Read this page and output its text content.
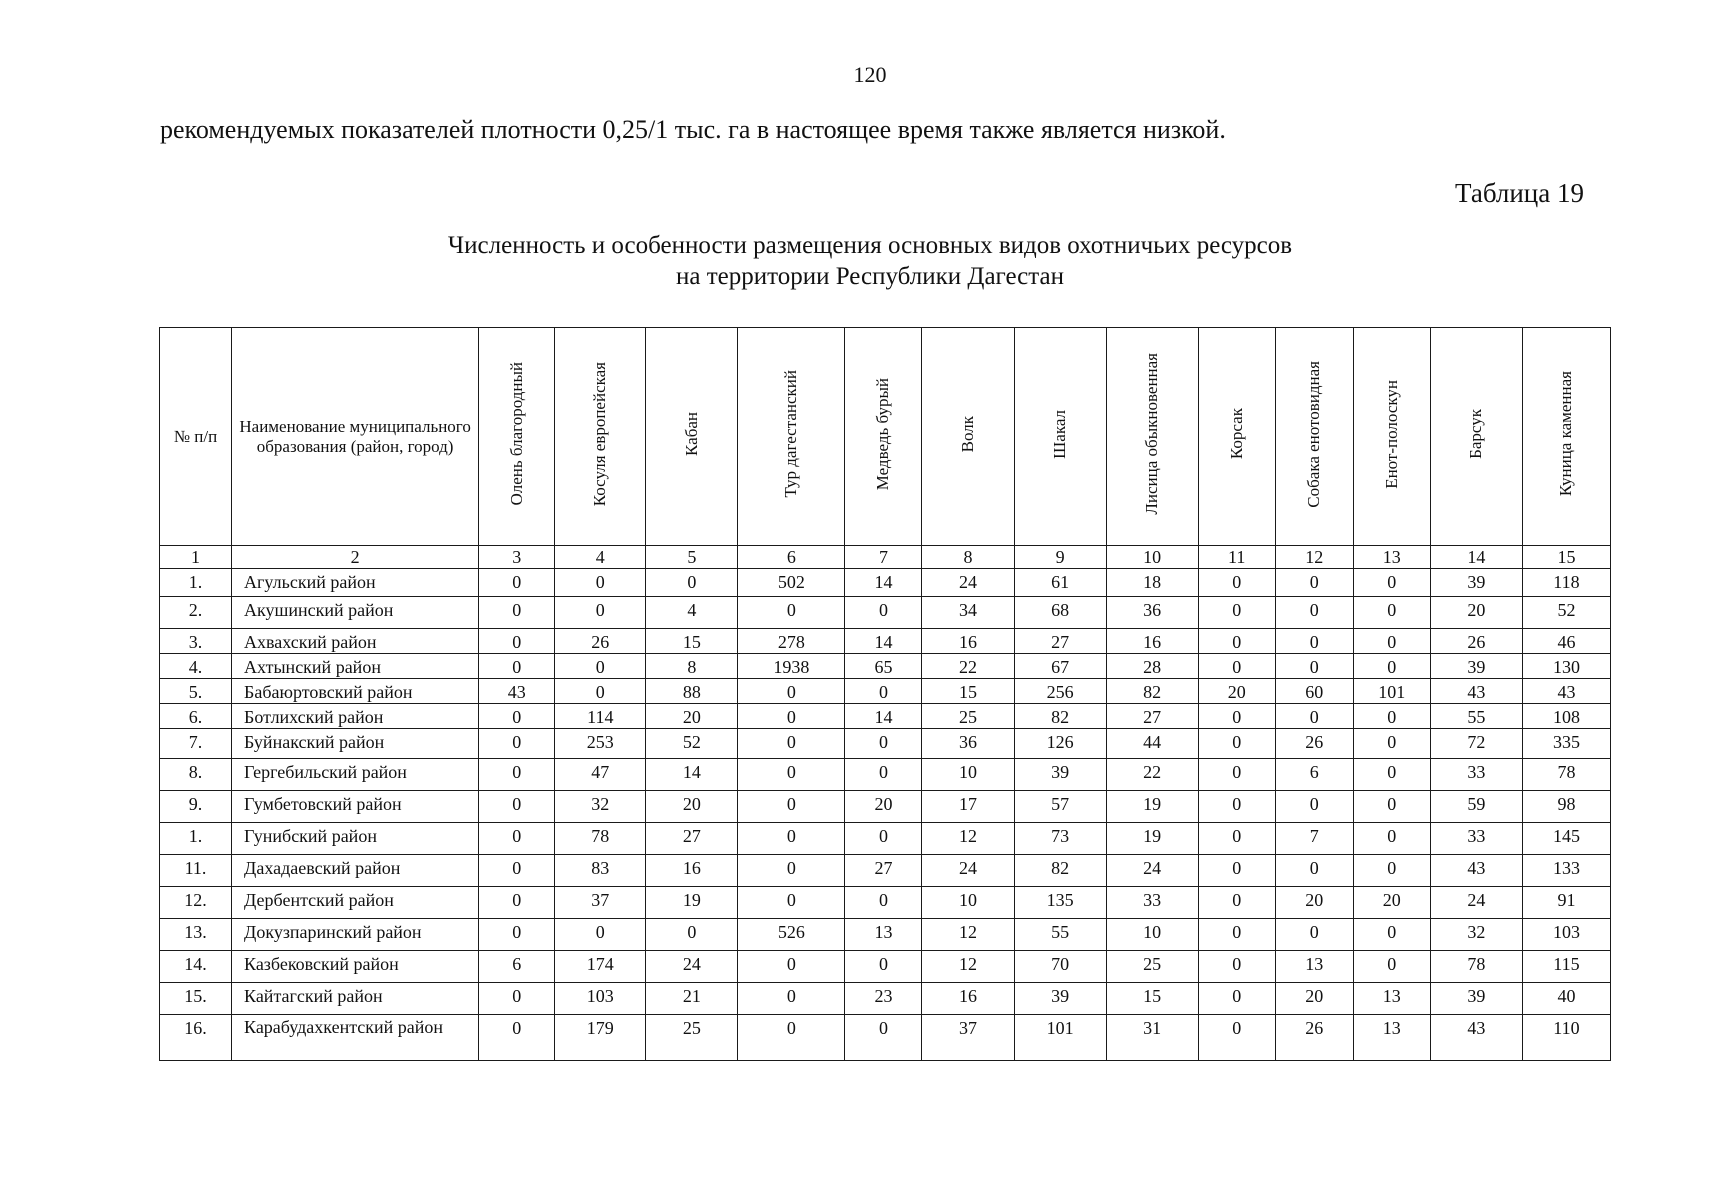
120
рекомендуемых показателей плотности 0,25/1 тыс. га в настоящее время также является низкой.
Таблица 19
Численность и особенности размещения основных видов охотничьих ресурсов
на территории Республики Дагестан
№ п/п	Наименование муниципального образования (район, город)	Олень благородный	Косуля европейская	Кабан	Тур дагестанский	Медведь бурый	Волк	Шакал	Лисица обыкновенная	Корсак	Собака енотовидная	Енот-полоскун	Барсук	Куница каменная
1	2	3	4	5	6	7	8	9	10	11	12	13	14	15
1.	Агульский район	0	0	0	502	14	24	61	18	0	0	0	39	118
2.	Акушинский район	0	0	4	0	0	34	68	36	0	0	0	20	52
3.	Ахвахский район	0	26	15	278	14	16	27	16	0	0	0	26	46
4.	Ахтынский район	0	0	8	1938	65	22	67	28	0	0	0	39	130
5.	Бабаюртовский район	43	0	88	0	0	15	256	82	20	60	101	43	43
6.	Ботлихский район	0	114	20	0	14	25	82	27	0	0	0	55	108
7.	Буйнакский район	0	253	52	0	0	36	126	44	0	26	0	72	335
8.	Гергебильский район	0	47	14	0	0	10	39	22	0	6	0	33	78
9.	Гумбетовский район	0	32	20	0	20	17	57	19	0	0	0	59	98
1.	Гунибский район	0	78	27	0	0	12	73	19	0	7	0	33	145
11.	Дахадаевский район	0	83	16	0	27	24	82	24	0	0	0	43	133
12.	Дербентский район	0	37	19	0	0	10	135	33	0	20	20	24	91
13.	Докузпаринский район	0	0	0	526	13	12	55	10	0	0	0	32	103
14.	Казбековский район	6	174	24	0	0	12	70	25	0	13	0	78	115
15.	Кайтагский район	0	103	21	0	23	16	39	15	0	20	13	39	40
16.	Карабудахкентский район	0	179	25	0	0	37	101	31	0	26	13	43	110
